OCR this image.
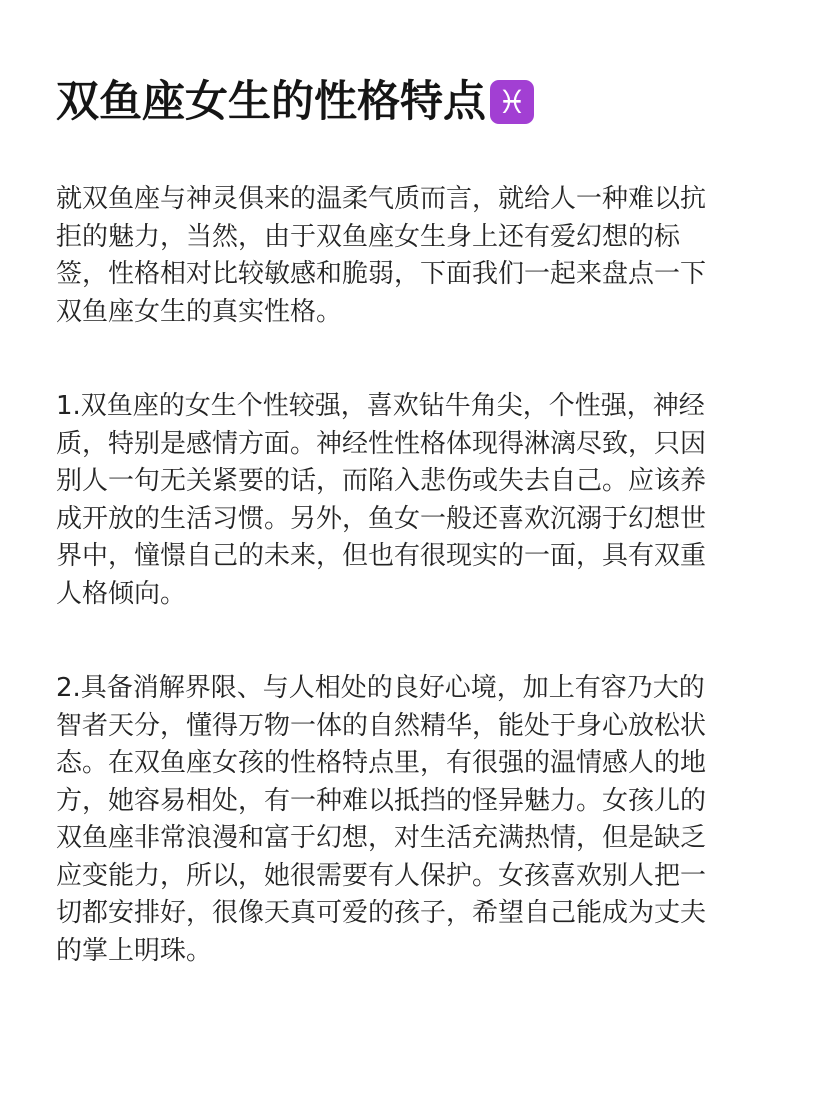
双鱼座女生的性格特点 ♓
就双鱼座与神灵俱来的温柔气质而言，就给人一种难以抗
拒的魅力，当然，由于双鱼座女生身上还有爱幻想的标
签，性格相对比较敏感和脆弱，下面我们一起来盘点一下
双鱼座女生的真实性格。
1.双鱼座的女生个性较强，喜欢钻牛角尖，个性强，神经
质，特别是感情方面。神经性性格体现得淋漓尽致，只因
别人一句无关紧要的话，而陷入悲伤或失去自己。应该养
成开放的生活习惯。另外，鱼女一般还喜欢沉溺于幻想世
界中，憧憬自己的未来，但也有很现实的一面，具有双重
人格倾向。
2.具备消解界限、与人相处的良好心境，加上有容乃大的
智者天分，懂得万物一体的自然精华，能处于身心放松状
态。在双鱼座女孩的性格特点里，有很强的温情感人的地
方，她容易相处，有一种难以抵挡的怪异魅力。女孩儿的
双鱼座非常浪漫和富于幻想，对生活充满热情，但是缺乏
应变能力，所以，她很需要有人保护。女孩喜欢别人把一
切都安排好，很像天真可爱的孩子，希望自己能成为丈夫
的掌上明珠。
